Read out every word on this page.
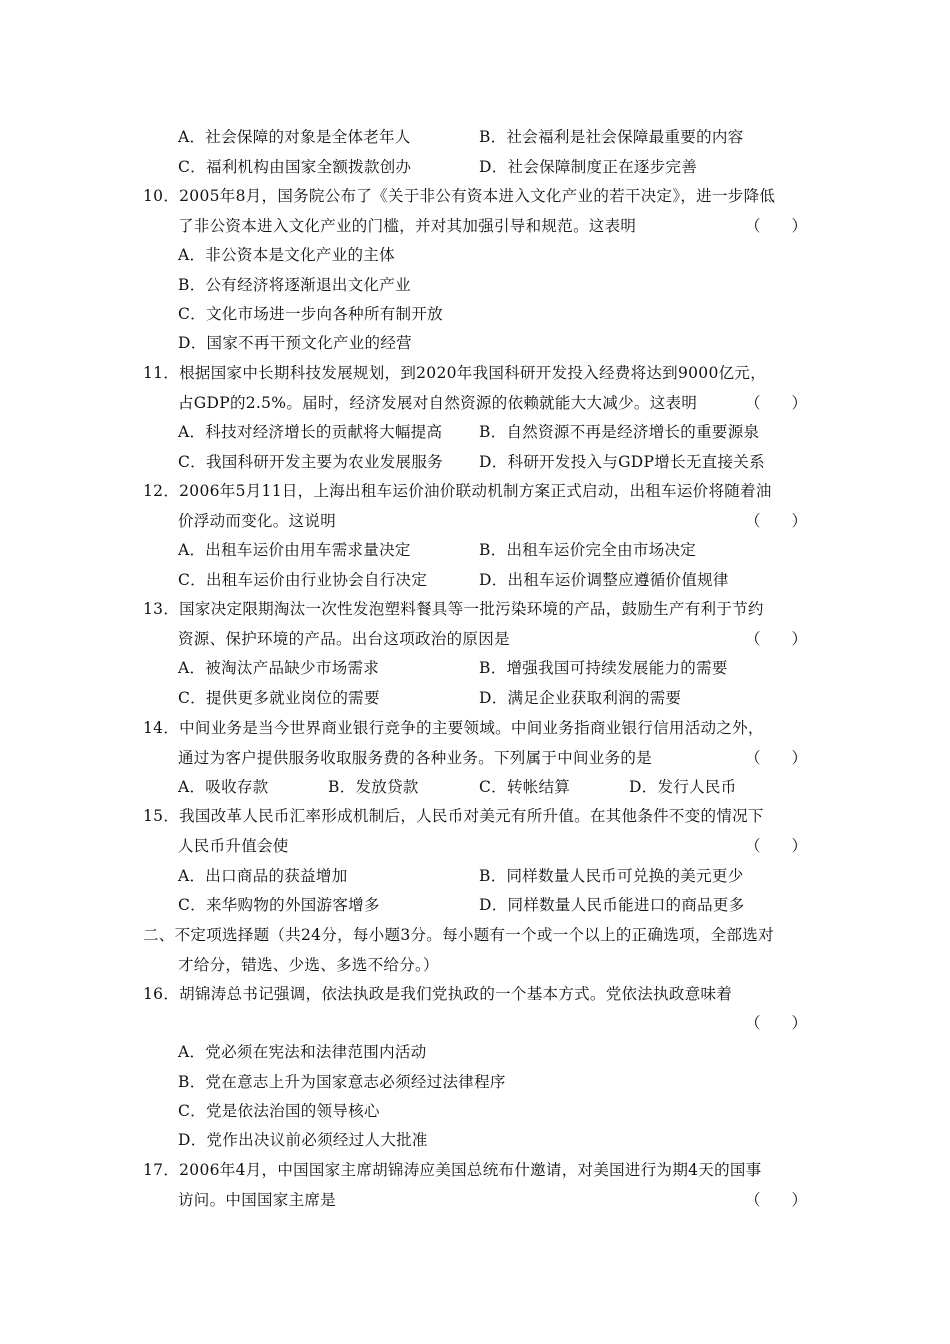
A．社会保障的对象是全体老年人	B．社会福利是社会保障最重要的内容
C．福利机构由国家全额拨款创办	D．社会保障制度正在逐步完善
10．2005年8月，国务院公布了《关于非公有资本进入文化产业的若干决定》，进一步降低
了非公资本进入文化产业的门槛，并对其加强引导和规范。这表明	（　　）
A．非公资本是文化产业的主体
B．公有经济将逐渐退出文化产业
C．文化市场进一步向各种所有制开放
D．国家不再干预文化产业的经营
11．根据国家中长期科技发展规划，到2020年我国科研开发投入经费将达到9000亿元，
占GDP的2.5%。届时，经济发展对自然资源的依赖就能大大减少。这表明	（　　）
A．科技对经济增长的贡献将大幅提高 B．自然资源不再是经济增长的重要源泉
C．我国科研开发主要为农业发展服务 D．科研开发投入与GDP增长无直接关系
12．2006年5月11日，上海出租车运价油价联动机制方案正式启动，出租车运价将随着油
价浮动而变化。这说明	（　　）
A．出租车运价由用车需求量决定	B．出租车运价完全由市场决定
C．出租车运价由行业协会自行决定	D．出租车运价调整应遵循价值规律
13．国家决定限期淘汰一次性发泡塑料餐具等一批污染环境的产品，鼓励生产有利于节约
资源、保护环境的产品。出台这项政治的原因是	（　　）
A．被淘汰产品缺少市场需求	B．增强我国可持续发展能力的需要
C．提供更多就业岗位的需要	D．满足企业获取利润的需要
14．中间业务是当今世界商业银行竞争的主要领域。中间业务指商业银行信用活动之外，
通过为客户提供服务收取服务费的各种业务。下列属于中间业务的是	（　　）
A．吸收存款	B．发放贷款	C．转帐结算	D．发行人民币
15．我国改革人民币汇率形成机制后，人民币对美元有所升值。在其他条件不变的情况下
人民币升值会使	（　　）
A．出口商品的获益增加	B．同样数量人民币可兑换的美元更少
C．来华购物的外国游客增多	D．同样数量人民币能进口的商品更多
二、不定项选择题（共24分，每小题3分。每小题有一个或一个以上的正确选项，全部选对
才给分，错选、少选、多选不给分。）
16．胡锦涛总书记强调，依法执政是我们党执政的一个基本方式。党依法执政意味着
（　　）
A．党必须在宪法和法律范围内活动
B．党在意志上升为国家意志必须经过法律程序
C．党是依法治国的领导核心
D．党作出决议前必须经过人大批准
17．2006年4月，中国国家主席胡锦涛应美国总统布什邀请，对美国进行为期4天的国事
访问。中国国家主席是	（　　）
